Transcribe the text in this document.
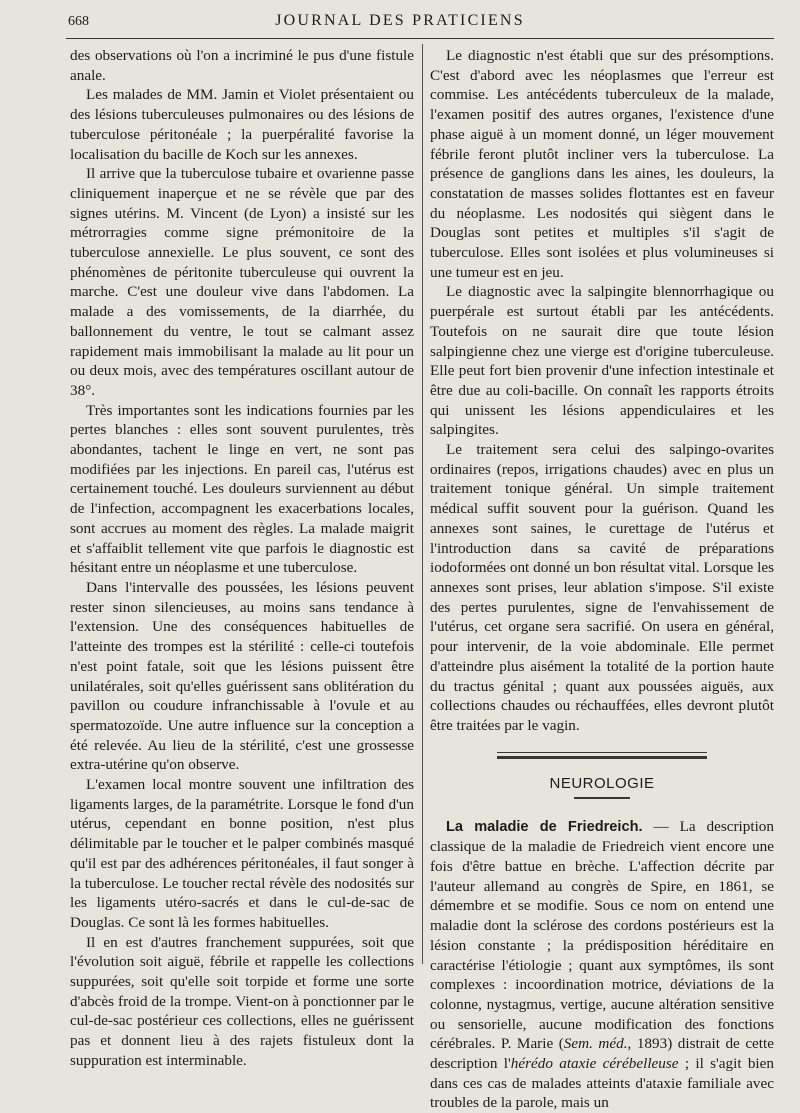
668	JOURNAL DES PRATICIENS

des observations où l'on a incriminé le pus d'une fistule anale.

Les malades de MM. Jamin et Violet présentaient ou des lésions tuberculeuses pulmonaires ou des lésions de tuberculose péritonéale ; la puerpéralité favorise la localisation du bacille de Koch sur les annexes.

Il arrive que la tuberculose tubaire et ovarienne passe cliniquement inaperçue et ne se révèle que par des signes utérins. M. Vincent (de Lyon) a insisté sur les métrorragies comme signe prémonitoire de la tuberculose annexielle. Le plus souvent, ce sont des phénomènes de péritonite tuberculeuse qui ouvrent la marche. C'est une douleur vive dans l'abdomen. La malade a des vomissements, de la diarrhée, du ballonnement du ventre, le tout se calmant assez rapidement mais immobilisant la malade au lit pour un ou deux mois, avec des températures oscillant autour de 38°.

Très importantes sont les indications fournies par les pertes blanches : elles sont souvent purulentes, très abondantes, tachent le linge en vert, ne sont pas modifiées par les injections. En pareil cas, l'utérus est certainement touché. Les douleurs surviennent au début de l'infection, accompagnent les exacerbations locales, sont accrues au moment des règles. La malade maigrit et s'affaiblit tellement vite que parfois le diagnostic est hésitant entre un néoplasme et une tuberculose.

Dans l'intervalle des poussées, les lésions peuvent rester sinon silencieuses, au moins sans tendance à l'extension. Une des conséquences habituelles de l'atteinte des trompes est la stérilité : celle-ci toutefois n'est point fatale, soit que les lésions puissent être unilatérales, soit qu'elles guérissent sans oblitération du pavillon ou coudure infranchissable à l'ovule et au spermatozoïde. Une autre influence sur la conception a été relevée. Au lieu de la stérilité, c'est une grossesse extra-utérine qu'on observe.

L'examen local montre souvent une infiltration des ligaments larges, de la paramétrite. Lorsque le fond d'un utérus, cependant en bonne position, n'est plus délimitable par le toucher et le palper combinés masqué qu'il est par des adhérences péritonéales, il faut songer à la tuberculose. Le toucher rectal révèle des nodosités sur les ligaments utéro-sacrés et dans le cul-de-sac de Douglas. Ce sont là les formes habituelles.

Il en est d'autres franchement suppurées, soit que l'évolution soit aiguë, fébrile et rappelle les collections suppurées, soit qu'elle soit torpide et forme une sorte d'abcès froid de la trompe. Vient-on à ponctionner par le cul-de-sac postérieur ces collections, elles ne guérissent pas et donnent lieu à des rajets fistuleux dont la suppuration est interminable.

Le diagnostic n'est établi que sur des présomptions. C'est d'abord avec les néoplasmes que l'erreur est commise. Les antécédents tuberculeux de la malade, l'examen positif des autres organes, l'existence d'une phase aiguë à un moment donné, un léger mouvement fébrile feront plutôt incliner vers la tuberculose. La présence de ganglions dans les aines, les douleurs, la constatation de masses solides flottantes est en faveur du néoplasme. Les nodosités qui siègent dans le Douglas sont petites et multiples s'il s'agit de tuberculose. Elles sont isolées et plus volumineuses si une tumeur est en jeu.

Le diagnostic avec la salpingite blennorrhagique ou puerpérale est surtout établi par les antécédents. Toutefois on ne saurait dire que toute lésion salpingienne chez une vierge est d'origine tuberculeuse. Elle peut fort bien provenir d'une infection intestinale et être due au coli-bacille. On connaît les rapports étroits qui unissent les lésions appendiculaires et les salpingites.

Le traitement sera celui des salpingo-ovarites ordinaires (repos, irrigations chaudes) avec en plus un traitement tonique général. Un simple traitement médical suffit souvent pour la guérison. Quand les annexes sont saines, le curettage de l'utérus et l'introduction dans sa cavité de préparations iodoformées ont donné un bon résultat vital. Lorsque les annexes sont prises, leur ablation s'impose. S'il existe des pertes purulentes, signe de l'envahissement de l'utérus, cet organe sera sacrifié. On usera en général, pour intervenir, de la voie abdominale. Elle permet d'atteindre plus aisément la totalité de la portion haute du tractus génital ; quant aux poussées aiguës, aux collections chaudes ou réchauffées, elles devront plutôt être traitées par le vagin.

NEUROLOGIE

La maladie de Friedreich. — La description classique de la maladie de Friedreich vient encore une fois d'être battue en brèche. L'affection décrite par l'auteur allemand au congrès de Spire, en 1861, se démembre et se modifie. Sous ce nom on entend une maladie dont la sclérose des cordons postérieurs est la lésion constante ; la prédisposition héréditaire en caractérise l'étiologie ; quant aux symptômes, ils sont complexes : incoordination motrice, déviations de la colonne, nystagmus, vertige, aucune altération sensitive ou sensorielle, aucune modification des fonctions cérébrales. P. Marie (Sem. méd., 1893) distrait de cette description l'hérédo ataxie cérébelleuse ; il s'agit bien dans ces cas de malades atteints d'ataxie familiale avec troubles de la parole, mais un
